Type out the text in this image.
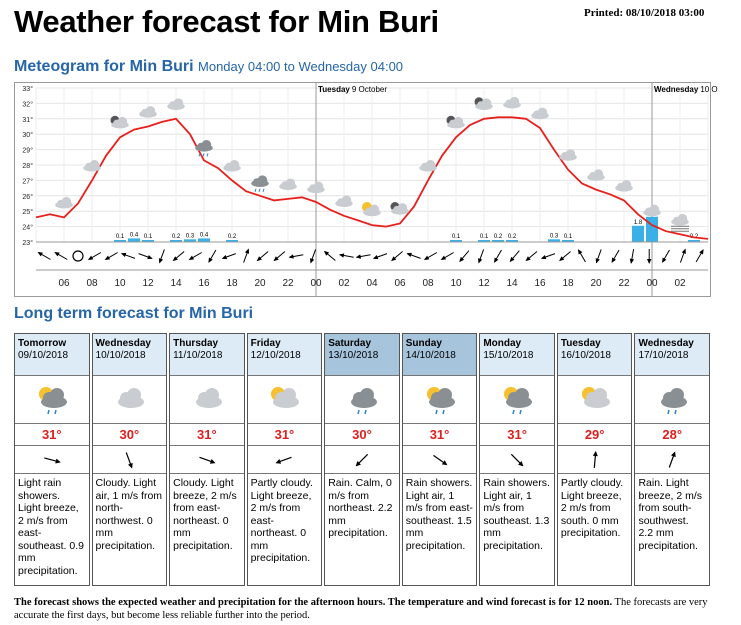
Printed: 08/10/2018 03:00
Weather forecast for Min Buri
Meteogram for Min Buri Monday 04:00 to Wednesday 04:00
33°
32°
31°
30°
29°
28°
27°
26°
25°
24°
23°
Tuesday 9 October	Wednesday 10 O
0.1 0.4 0.1	0.2 0.3 0.4	0.2	0.1	0.1 0.2 0.2	0.3 0.1
1.8
0.2
06 08 10 12 14 16 18 20 22 00 02 04 06 08 10 12 14 16 18 20 22 00 02
Long term forecast for Min Buri
Tomorrow
09/10/2018
31°
Light rain showers. Light breeze, 2 m/s from east-southeast. 0.9 mm precipitation.
Wednesday
10/10/2018
30°
Cloudy. Light air, 1 m/s from north-northwest. 0 mm precipitation.
Thursday
11/10/2018
31°
Cloudy. Light breeze, 2 m/s from east-northeast. 0 mm precipitation.
Friday
12/10/2018
31°
Partly cloudy. Light breeze, 2 m/s from east-northeast. 0 mm precipitation.
Saturday
13/10/2018
30°
Rain. Calm, 0 m/s from northeast. 2.2 mm precipitation.
Sunday
14/10/2018
31°
Rain showers. Light air, 1 m/s from east-southeast. 1.5 mm precipitation.
Monday
15/10/2018
31°
Rain showers. Light air, 1 m/s from southeast. 1.3 mm precipitation.
Tuesday
16/10/2018
29°
Partly cloudy. Light breeze, 2 m/s from south. 0 mm precipitation.
Wednesday
17/10/2018
28°
Rain. Light breeze, 2 m/s from south-southwest. 2.2 mm precipitation.
The forecast shows the expected weather and precipitation for the afternoon hours. The temperature and wind forecast is for 12 noon. The forecasts are very accurate the first days, but become less reliable further into the period.
